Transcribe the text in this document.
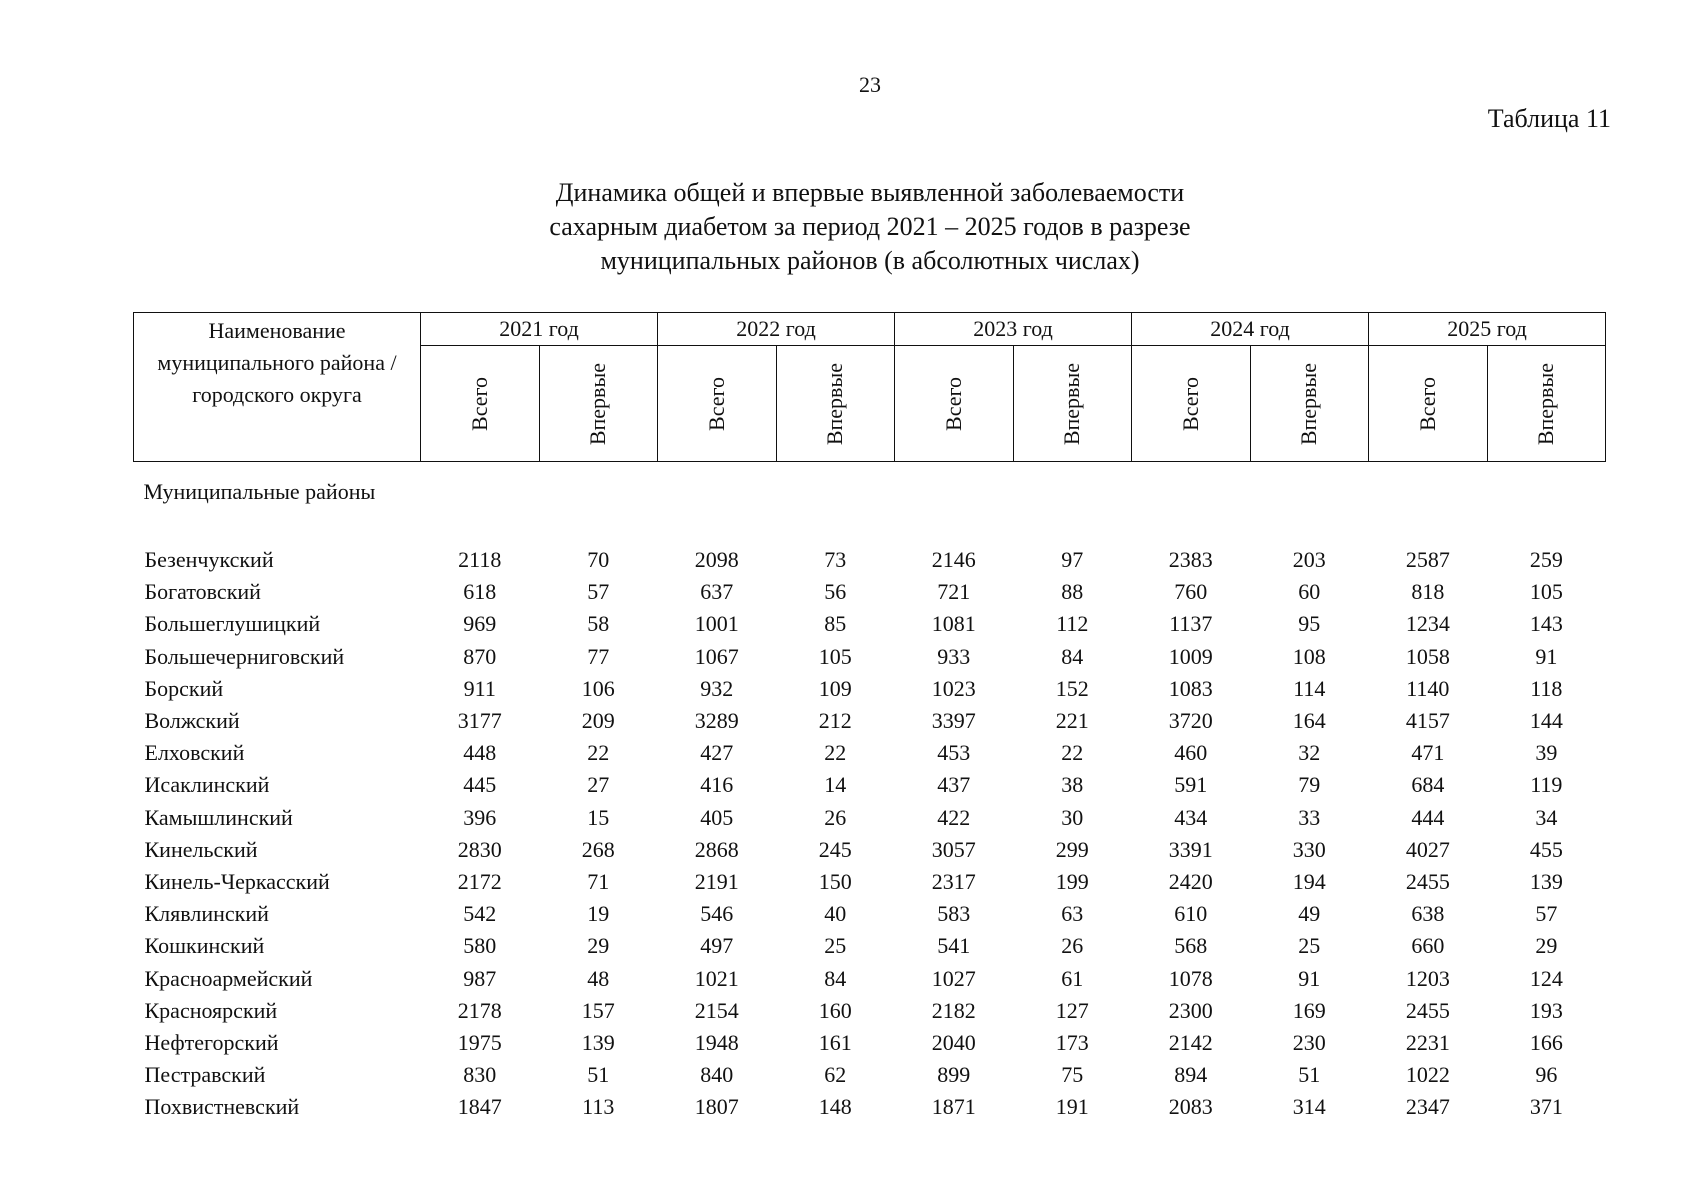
23
Таблица 11
Динамика общей и впервые выявленной заболеваемости
сахарным диабетом за период 2021 – 2025 годов в разрезе
муниципальных районов (в абсолютных числах)
Наименование
муниципального района /
городского округа	2021 год		2022 год		2023 год		2024 год		2025 год	
	Всего	Впервые	Всего	Впервые	Всего	Впервые	Всего	Впервые	Всего	Впервые
Муниципальные районы										

Безенчукский	2118	70	2098	73	2146	97	2383	203	2587	259
Богатовский	618	57	637	56	721	88	760	60	818	105
Большеглушицкий	969	58	1001	85	1081	112	1137	95	1234	143
Большечерниговский	870	77	1067	105	933	84	1009	108	1058	91
Борский	911	106	932	109	1023	152	1083	114	1140	118
Волжский	3177	209	3289	212	3397	221	3720	164	4157	144
Елховский	448	22	427	22	453	22	460	32	471	39
Исаклинский	445	27	416	14	437	38	591	79	684	119
Камышлинский	396	15	405	26	422	30	434	33	444	34
Кинельский	2830	268	2868	245	3057	299	3391	330	4027	455
Кинель-Черкасский	2172	71	2191	150	2317	199	2420	194	2455	139
Клявлинский	542	19	546	40	583	63	610	49	638	57
Кошкинский	580	29	497	25	541	26	568	25	660	29
Красноармейский	987	48	1021	84	1027	61	1078	91	1203	124
Красноярский	2178	157	2154	160	2182	127	2300	169	2455	193
Нефтегорский	1975	139	1948	161	2040	173	2142	230	2231	166
Пестравский	830	51	840	62	899	75	894	51	1022	96
Похвистневский	1847	113	1807	148	1871	191	2083	314	2347	371
